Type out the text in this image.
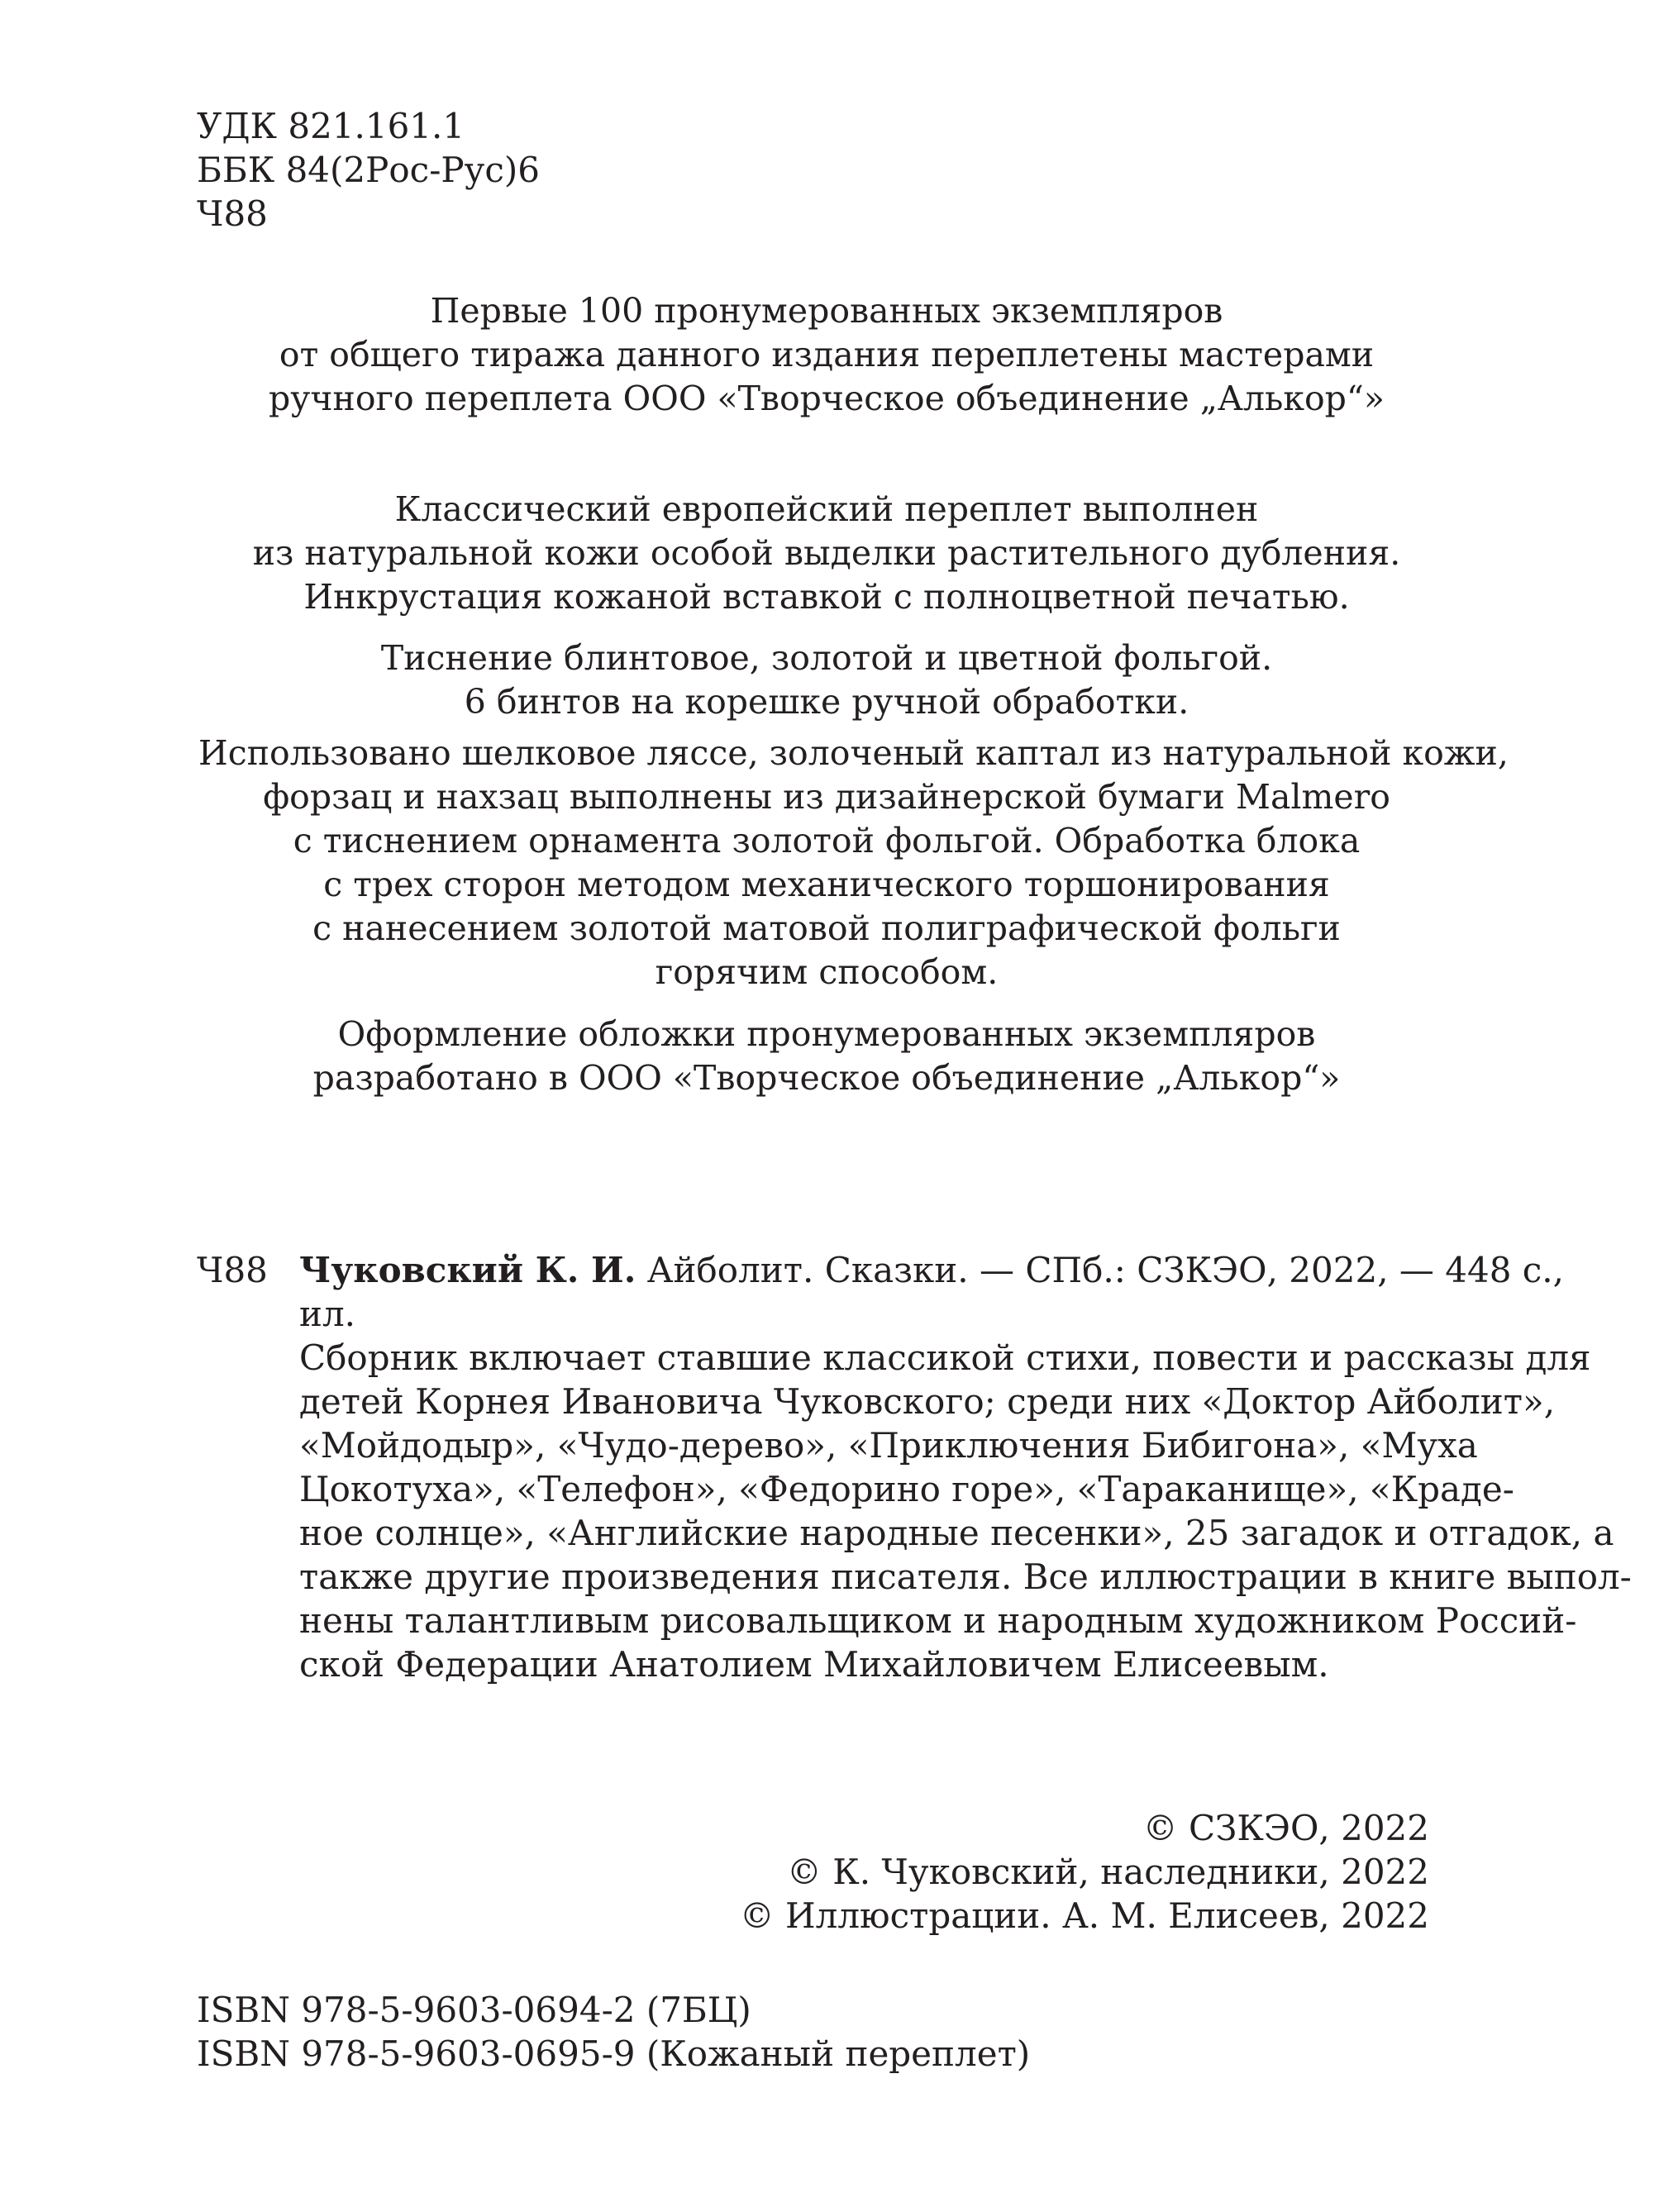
УДК 821.161.1

ББК 84(2Рос-Рус)6

Ч88

Первые 100 пронумерованных экземпляров

от общего тиража данного издания переплетены мастерами

ручного переплета ООО «Творческое объединение „Алькор“»

Классический европейский переплет выполнен

из натуральной кожи особой выделки растительного дубления.

Инкрустация кожаной вставкой с полноцветной печатью.

Тиснение блинтовое, золотой и цветной фольгой.

6 бинтов на корешке ручной обработки.

Использовано шелковое ляссе, золоченый каптал из натуральной кожи,

форзац и нахзац выполнены из дизайнерской бумаги Malmero

с тиснением орнамента золотой фольгой. Обработка блока

с трех сторон методом механического торшонирования

с нанесением золотой матовой полиграфической фольги

горячим способом.

Оформление обложки пронумерованных экземпляров

разработано в ООО «Творческое объединение „Алькор“»

Ч88 Чуковский К. И. Айболит. Сказки. — СПб.: СЗКЭО, 2022, — 448 с.,
ил.
Сборник включает ставшие классикой стихи, повести и рассказы для
детей Корнея Ивановича Чуковского; среди них «Доктор Айболит»,
«Мойдодыр», «Чудо-дерево», «Приключения Бибигона», «Муха
Цокотуха», «Телефон», «Федорино горе», «Тараканище», «Крадe-
ное солнце», «Английские народные песенки», 25 загадок и отгадок, а
также другие произведения писателя. Все иллюстрации в книге выпол-
нены талантливым рисовальщиком и народным художником Россий-
ской Федерации Анатолием Михайловичем Елисеевым.

© СЗКЭО, 2022

© К. Чуковский, наследники, 2022

© Иллюстрации. А. М. Елисеев, 2022

ISBN 978-5-9603-0694-2 (7БЦ)

ISBN 978-5-9603-0695-9 (Кожаный переплет)
